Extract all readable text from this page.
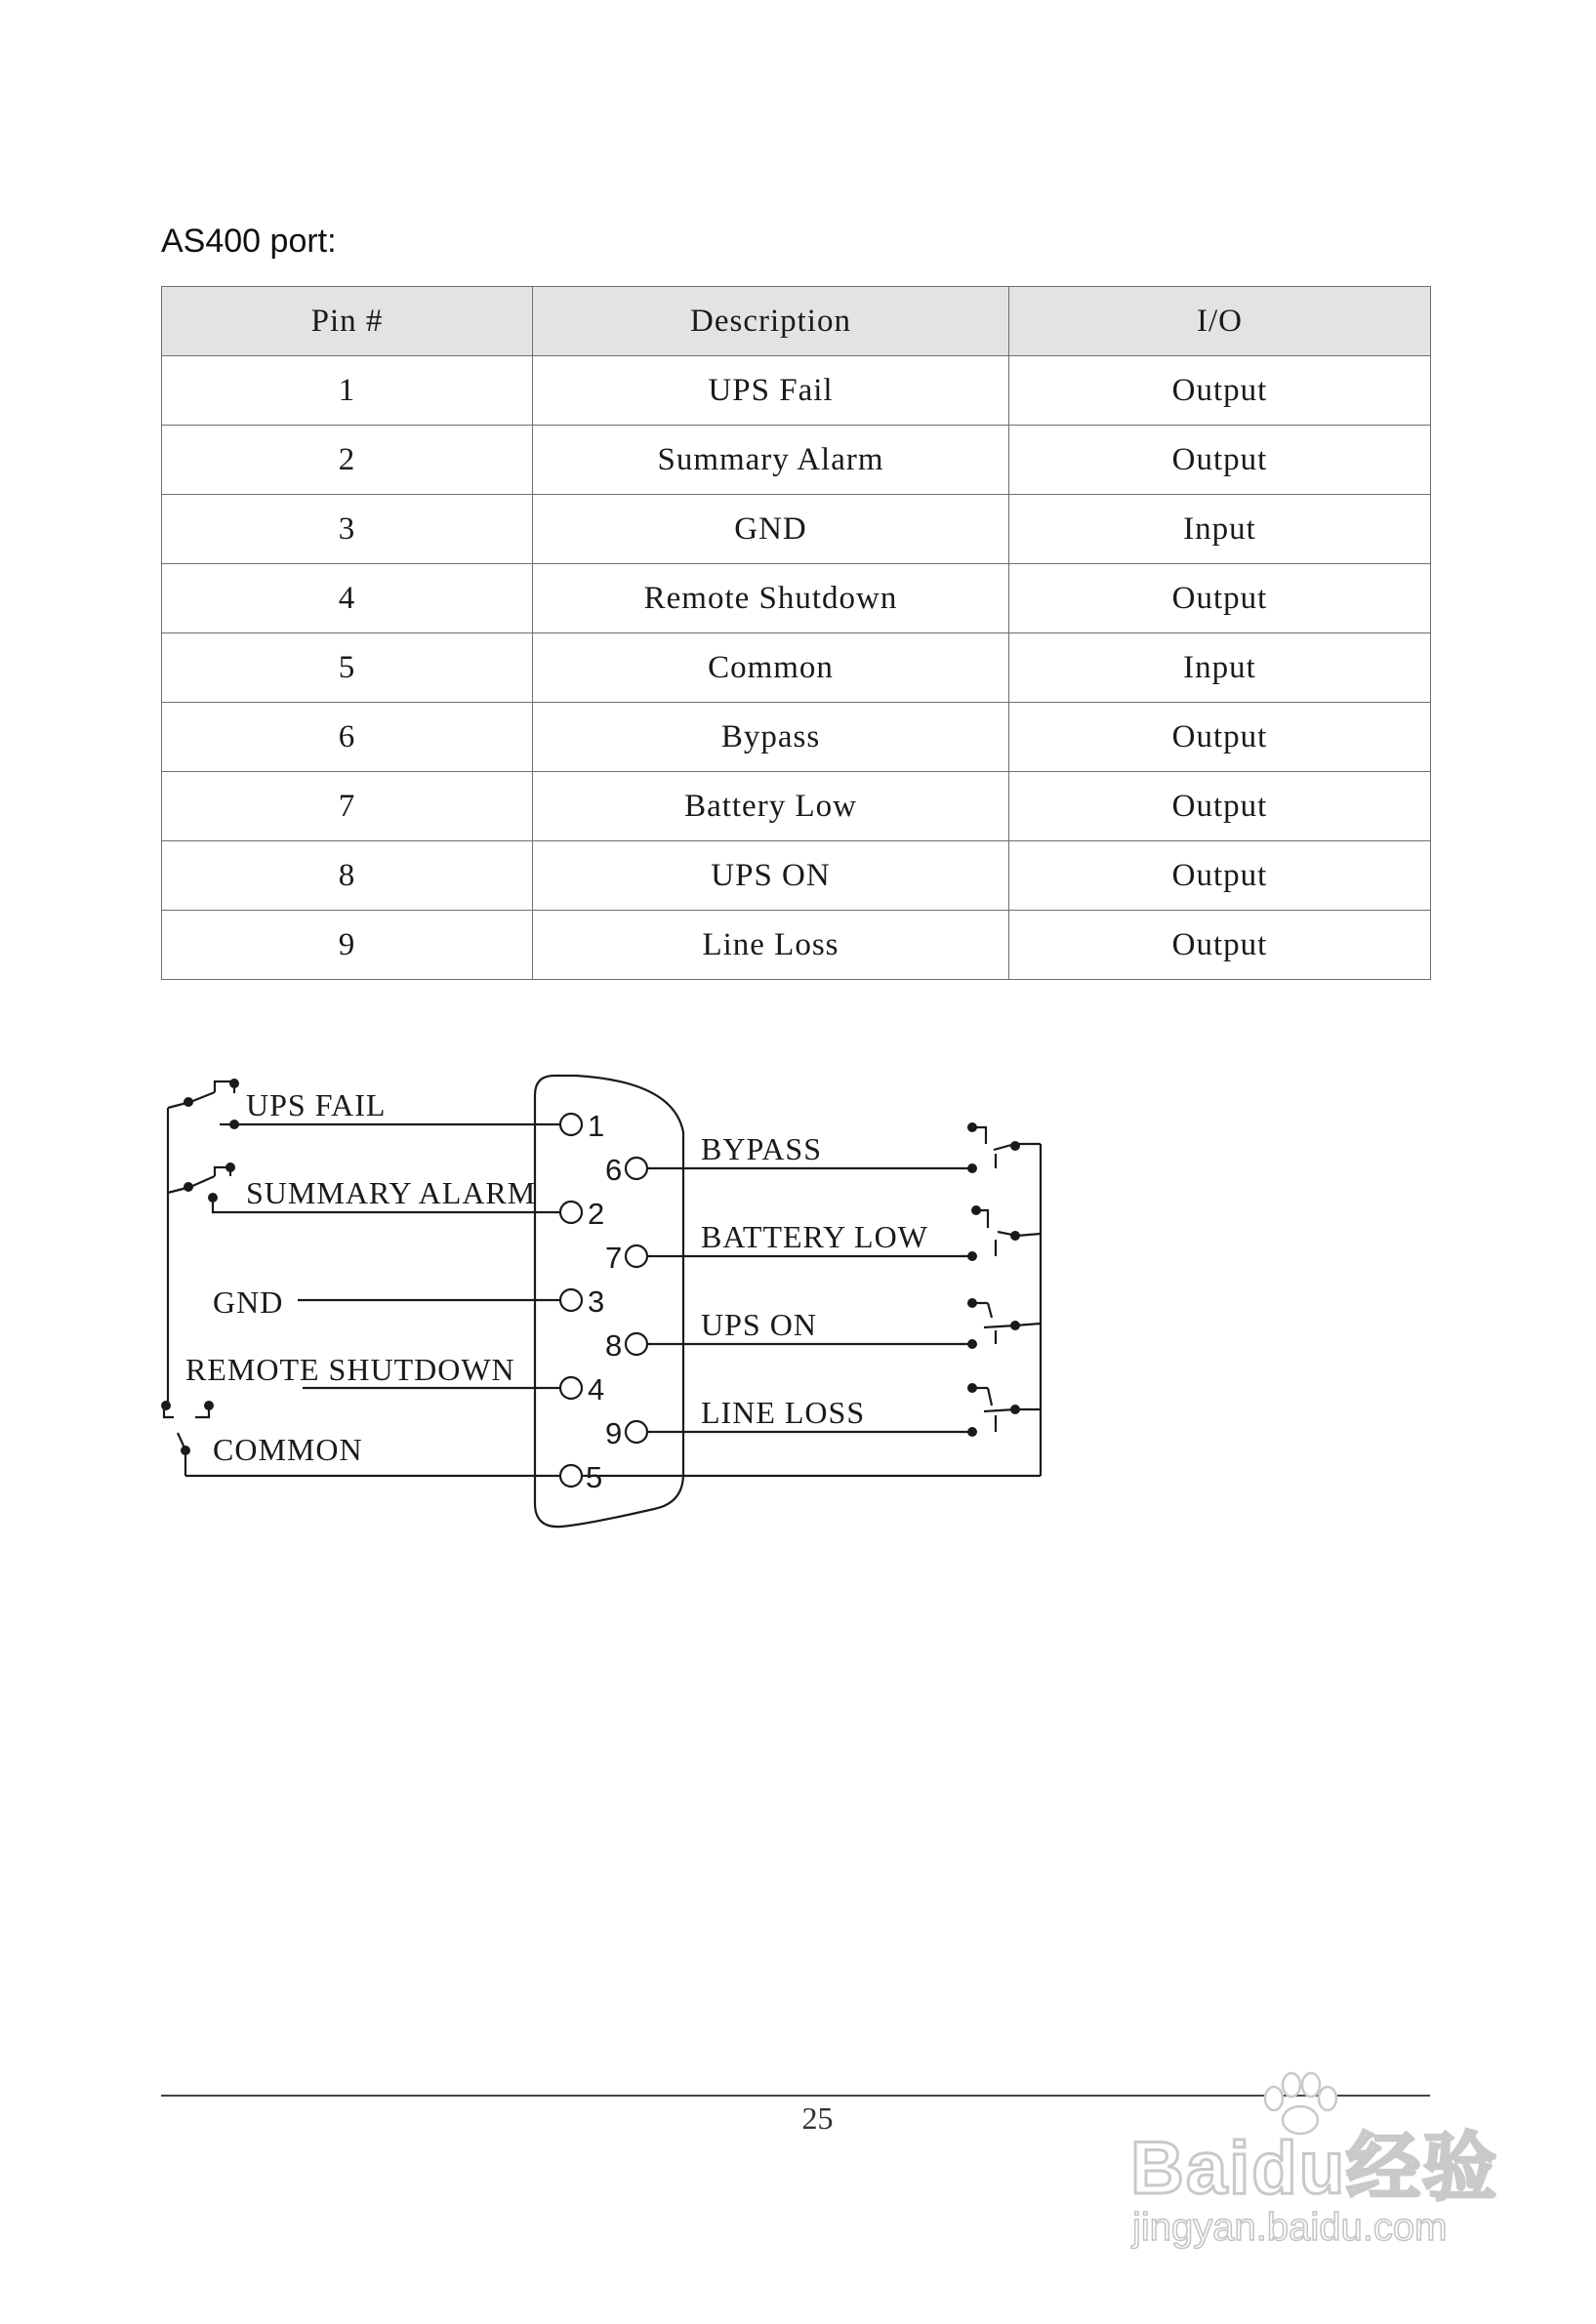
AS400 port:
Pin #	Description	I/O
1	UPS Fail	Output
2	Summary Alarm	Output
3	GND	Input
4	Remote Shutdown	Output
5	Common	Input
6	Bypass	Output
7	Battery Low	Output
8	UPS ON	Output
9	Line Loss	Output
UPS FAIL
SUMMARY ALARM
GND
REMOTE SHUTDOWN
COMMON
BYPASS
BATTERY LOW
UPS ON
LINE LOSS
1
2
3
4
5
6
7
8
9
25
Baidu经验
jingyan.baidu.com
